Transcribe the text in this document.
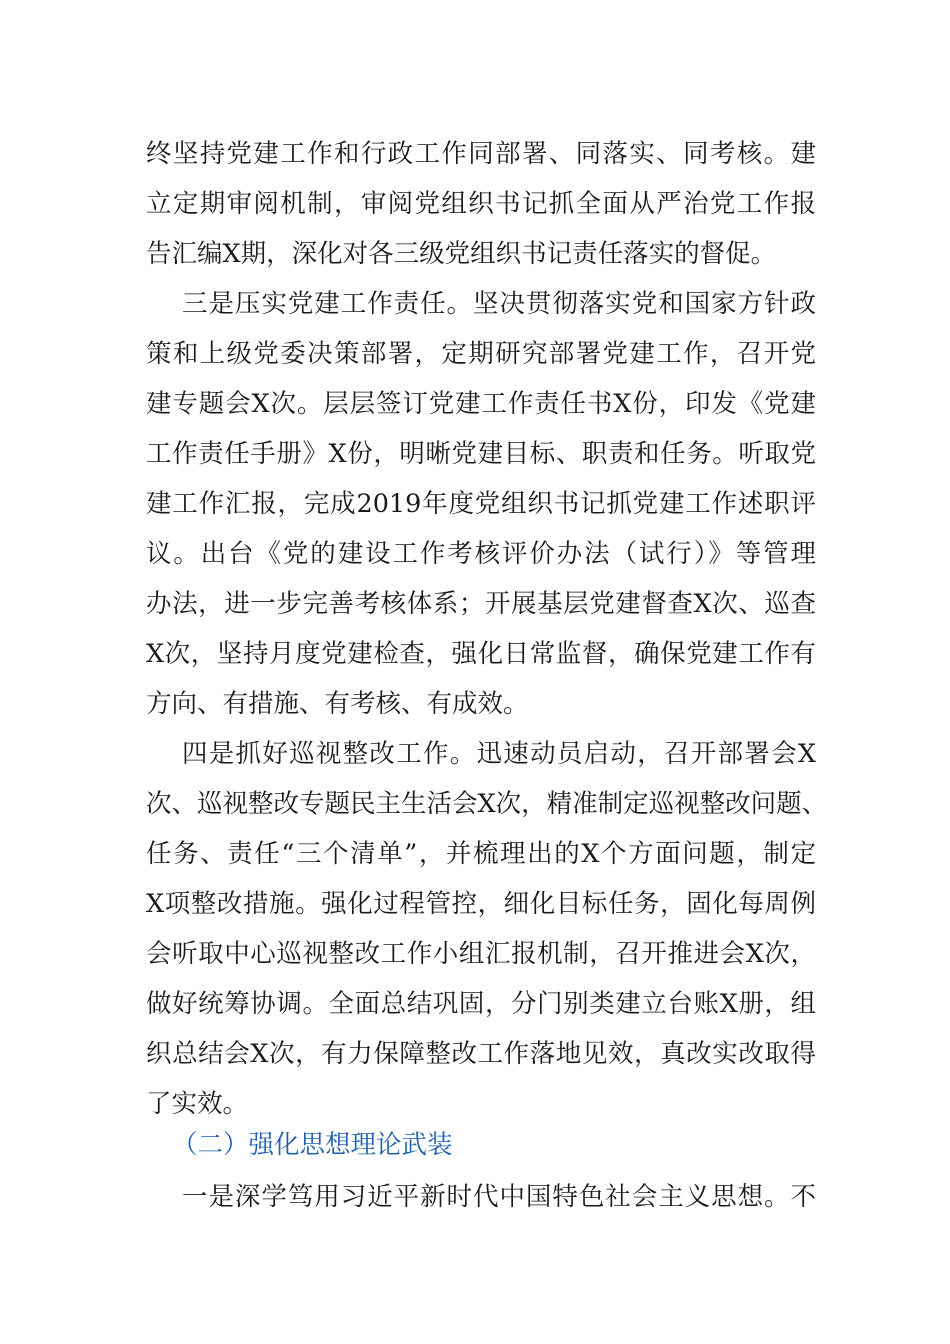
终坚持党建工作和行政工作同部署、同落实、同考核。建
立定期审阅机制，审阅党组织书记抓全面从严治党工作报
告汇编X期，深化对各三级党组织书记责任落实的督促。
三是压实党建工作责任。坚决贯彻落实党和国家方针政
策和上级党委决策部署，定期研究部署党建工作，召开党
建专题会X次。层层签订党建工作责任书X份，印发《党建
工作责任手册》X份，明晰党建目标、职责和任务。听取党
建工作汇报，完成2019年度党组织书记抓党建工作述职评
议。出台《党的建设工作考核评价办法（试行）》等管理
办法，进一步完善考核体系；开展基层党建督查X次、巡查
X次，坚持月度党建检查，强化日常监督，确保党建工作有
方向、有措施、有考核、有成效。
四是抓好巡视整改工作。迅速动员启动，召开部署会X
次、巡视整改专题民主生活会X次，精准制定巡视整改问题、
任务、责任“三个清单”，并梳理出的X个方面问题，制定
X项整改措施。强化过程管控，细化目标任务，固化每周例
会听取中心巡视整改工作小组汇报机制，召开推进会X次，
做好统筹协调。全面总结巩固，分门别类建立台账X册，组
织总结会X次，有力保障整改工作落地见效，真改实改取得
了实效。
（二）强化思想理论武装
一是深学笃用习近平新时代中国特色社会主义思想。不
